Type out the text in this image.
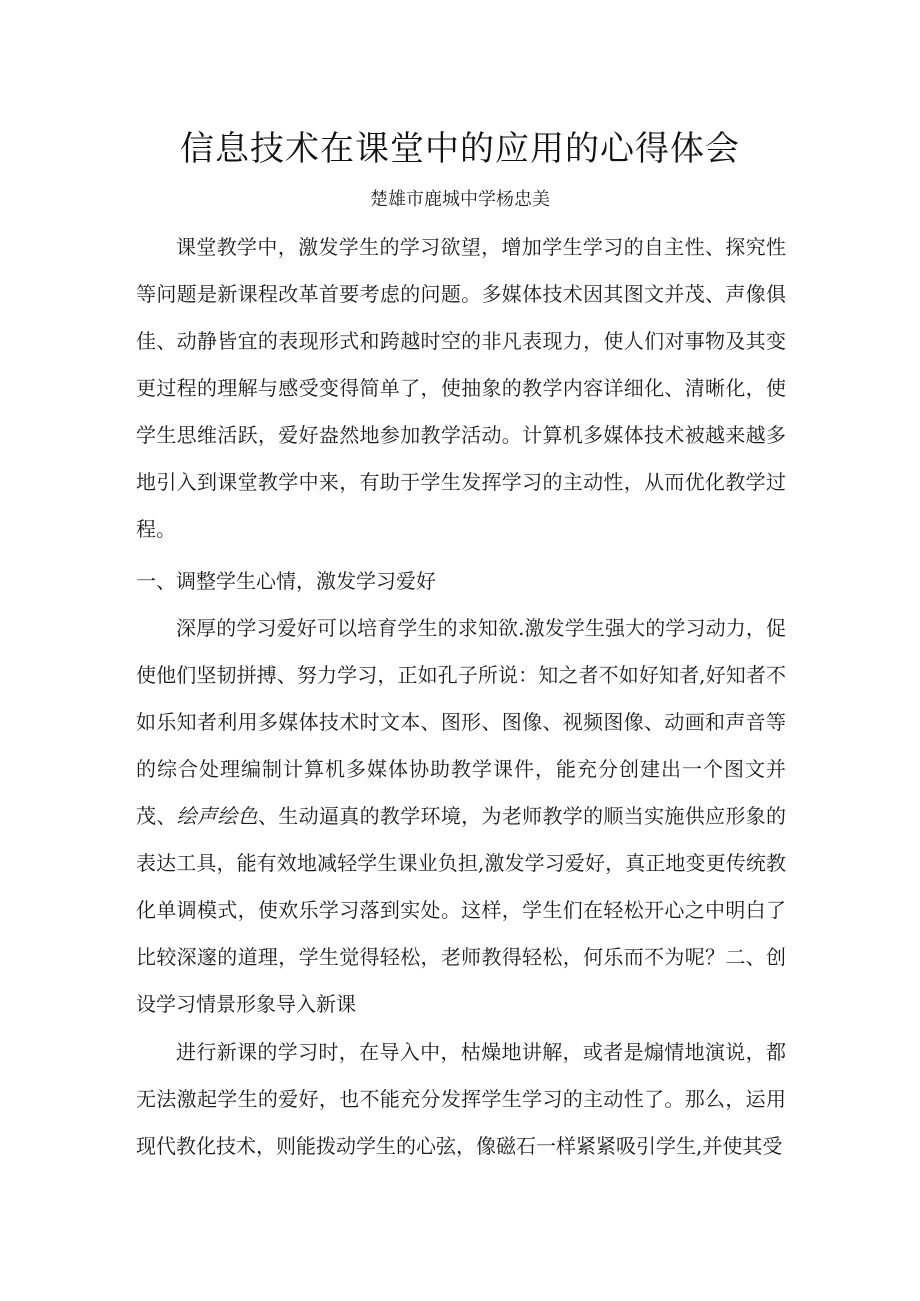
信息技术在课堂中的应用的心得体会
楚雄市鹿城中学杨忠美

课堂教学中，激发学生的学习欲望，增加学生学习的自主性、探究性等问题是新课程改革首要考虑的问题。多媒体技术因其图文并茂、声像俱佳、动静皆宜的表现形式和跨越时空的非凡表现力，使人们对事物及其变更过程的理解与感受变得简单了，使抽象的教学内容详细化、清晰化，使学生思维活跃，爱好盎然地参加教学活动。计算机多媒体技术被越来越多地引入到课堂教学中来，有助于学生发挥学习的主动性，从而优化教学过程。

一、调整学生心情，激发学习爱好

深厚的学习爱好可以培育学生的求知欲.激发学生强大的学习动力，促使他们坚韧拼搏、努力学习，正如孔子所说：知之者不如好知者,好知者不如乐知者利用多媒体技术时文本、图形、图像、视频图像、动画和声音等的综合处理编制计算机多媒体协助教学课件，能充分创建出一个图文并茂、绘声绘色、生动逼真的教学环境，为老师教学的顺当实施供应形象的表达工具，能有效地减轻学生课业负担,激发学习爱好，真正地变更传统教化单调模式，使欢乐学习落到实处。这样，学生们在轻松开心之中明白了比较深邃的道理，学生觉得轻松，老师教得轻松，何乐而不为呢？二、创设学习情景形象导入新课

进行新课的学习时，在导入中，枯燥地讲解，或者是煽情地演说，都无法激起学生的爱好，也不能充分发挥学生学习的主动性了。那么，运用现代教化技术，则能拨动学生的心弦，像磁石一样紧紧吸引学生,并使其受
